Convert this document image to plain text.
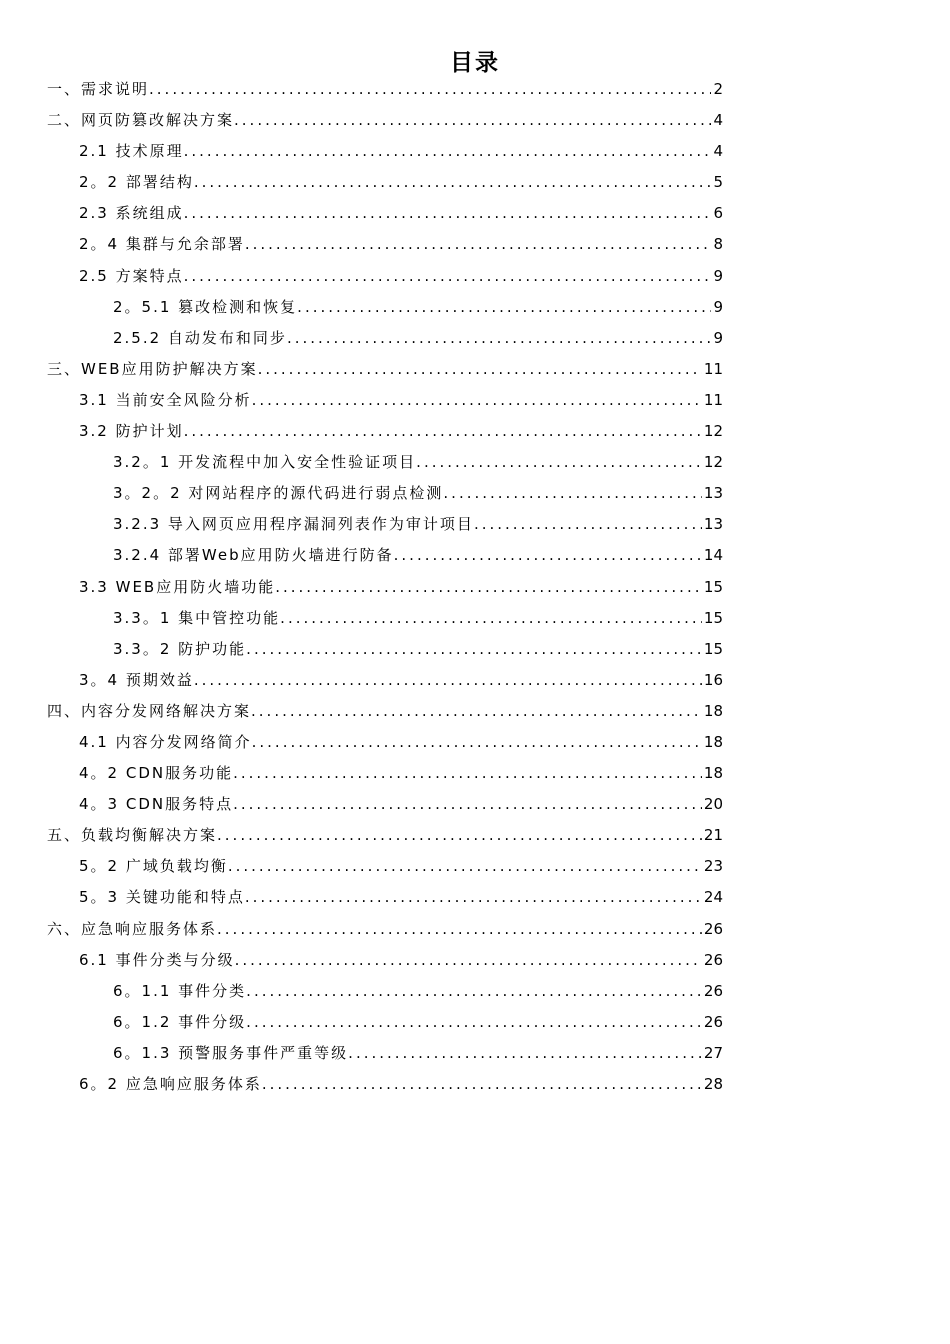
目录
一、需求说明 .....	2
二、网页防篡改解决方案 .....	4
2.1 技术原理 .....	4
2。2 部署结构 .....	5
2.3 系统组成 .....	6
2。4 集群与允余部署 .....	8
2.5 方案特点 .....	9
2。5.1 篡改检测和恢复 .....	9
2.5.2 自动发布和同步 .....	9
三、WEB应用防护解决方案 .....	11
3.1 当前安全风险分析 .....	11
3.2 防护计划 .....	12
3.2。1 开发流程中加入安全性验证项目 .....	12
3。2。2 对网站程序的源代码进行弱点检测 .....	13
3.2.3 导入网页应用程序漏洞列表作为审计项目 .....	13
3.2.4 部署Web应用防火墙进行防备 .....	14
3.3 WEB应用防火墙功能 .....	15
3.3。1 集中管控功能 .....	15
3.3。2 防护功能 .....	15
3。4 预期效益 .....	16
四、内容分发网络解决方案 .....	18
4.1 内容分发网络简介 .....	18
4。2 CDN服务功能 .....	18
4。3 CDN服务特点 .....	20
五、负载均衡解决方案 .....	21
5。2 广域负载均衡 .....	23
5。3 关键功能和特点 .....	24
六、应急响应服务体系 .....	26
6.1 事件分类与分级 .....	26
6。1.1 事件分类 .....	26
6。1.2 事件分级 .....	26
6。1.3 预警服务事件严重等级 .....	27
6。2 应急响应服务体系 .....	28
